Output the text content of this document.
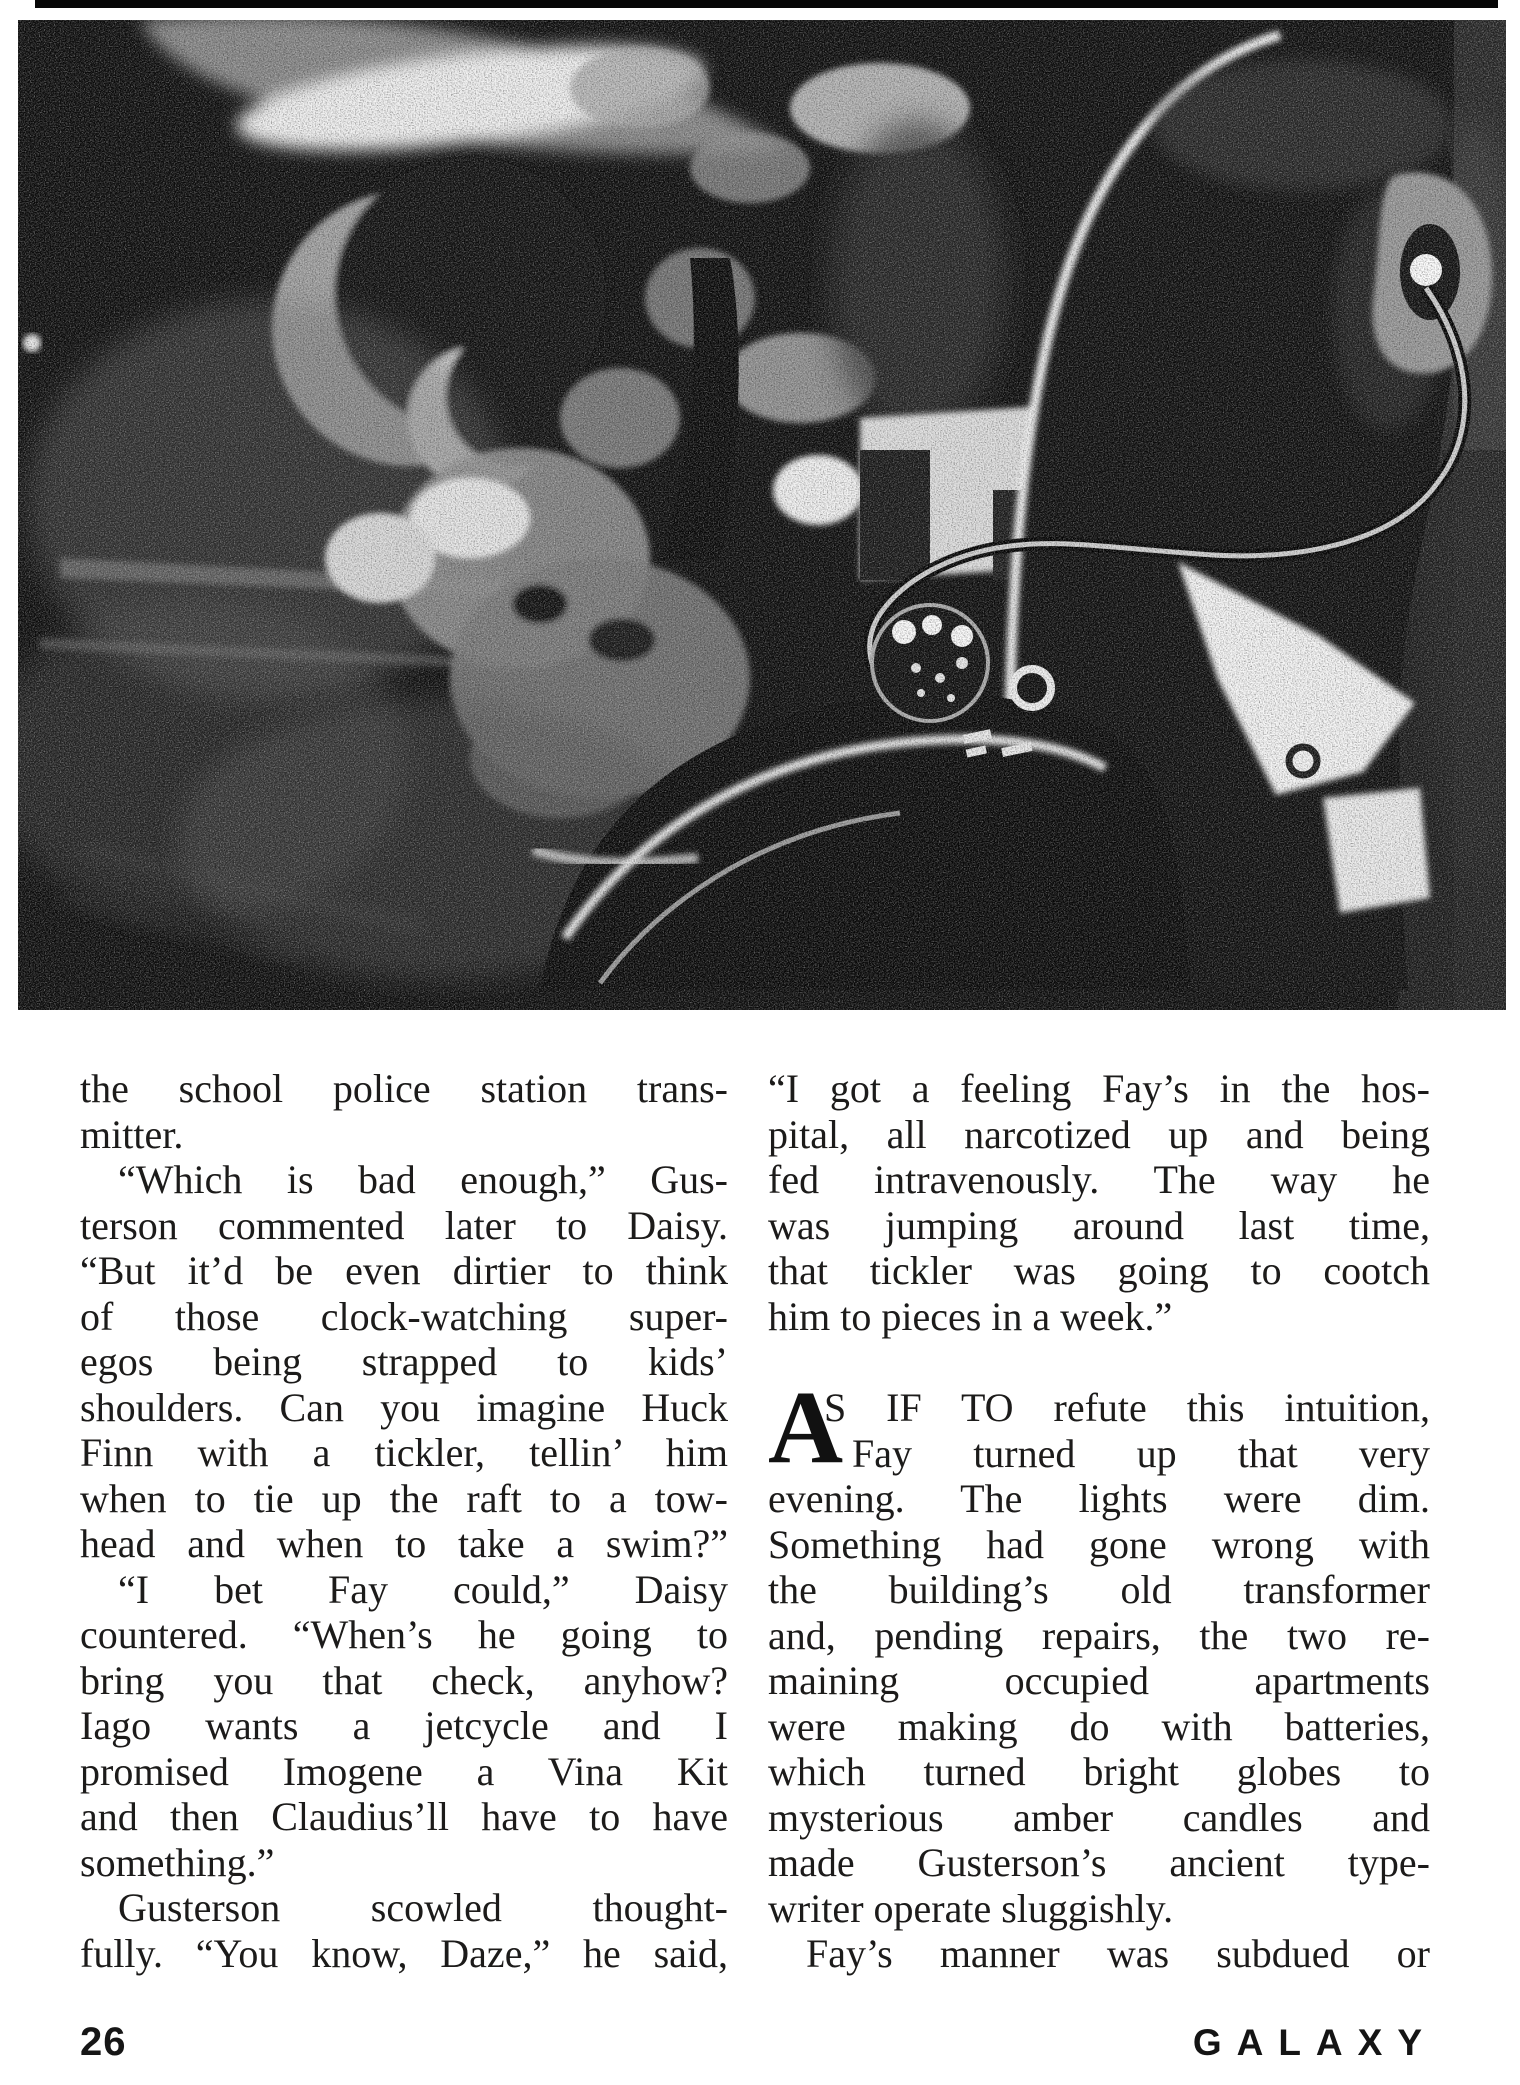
the school police station trans-
mitter.
“Which is bad enough,” Gus-
terson commented later to Daisy.
“But it’d be even dirtier to think
of those clock-watching super-
egos being strapped to kids’
shoulders. Can you imagine Huck
Finn with a tickler, tellin’ him
when to tie up the raft to a tow-
head and when to take a swim?”
“I bet Fay could,” Daisy
countered. “When’s he going to
bring you that check, anyhow?
Iago wants a jetcycle and I
promised Imogene a Vina Kit
and then Claudius’ll have to have
something.”
Gusterson scowled thought-
fully. “You know, Daze,” he said,
“I got a feeling Fay’s in the hos-
pital, all narcotized up and being
fed intravenously. The way he
was jumping around last time,
that tickler was going to cootch
him to pieces in a week.”
S IF TO refute this intuition,
Fay turned up that very
evening. The lights were dim.
Something had gone wrong with
the building’s old transformer
and, pending repairs, the two re-
maining occupied apartments
were making do with batteries,
which turned bright globes to
mysterious amber candles and
made Gusterson’s ancient type-
writer operate sluggishly.
Fay’s manner was subdued or
A
26	GALAXY
